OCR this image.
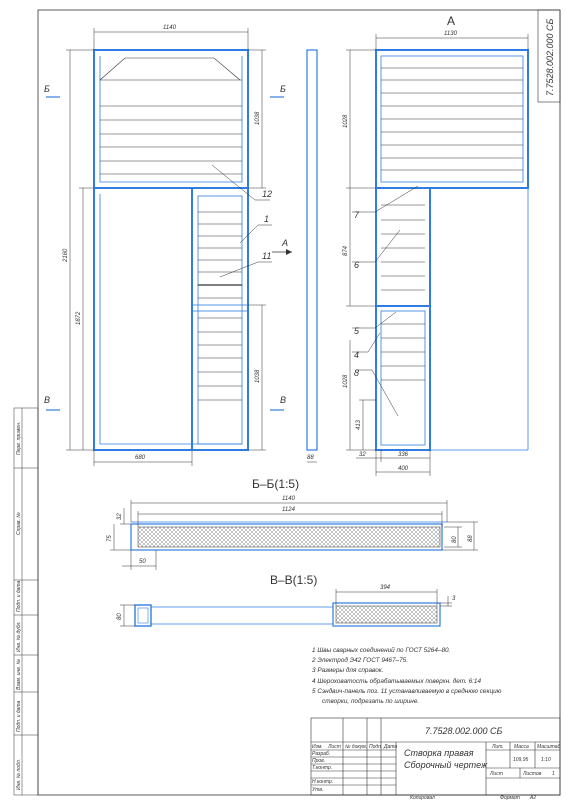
Перв. примен.
Справ. №
Подп. и дата
Инв. № дубл.
Взам. инв. №
Подп. и дата
Инв. № подл.
7.7528.002.000 СБ
1140
2160
1872
1038
1038
680
Б	Б
В	В
А
12
1
11
88
А
1130
1028
874
1028
413
32	336
400
7
6
5
4
8
Б–Б(1:5)
1140
1124
32
75
50
80 88
В–В(1:5)
394
3
80
1 Швы сварных соединений по ГОСТ 5264–80.
2 Электрод Э42 ГОСТ 9467–75.
3 Размеры для справок.
4 Шероховатость обрабатываемых поверхн. дет. 6:14
5 Сэндвич-панель поз. 11 устанавливаемую в среднюю секцию
створки, подрезать по ширине.
7.7528.002.000 СБ
Створка правая
Сборочный чертеж
Изм. Лист № докум. Подп. Дата
Разраб.
Пров.
Т.контр.
Н.контр.
Утв.
Лит. Масса Масштаб
109,95	1:10
Лист	Листов 1
Копировал	Формат А2
